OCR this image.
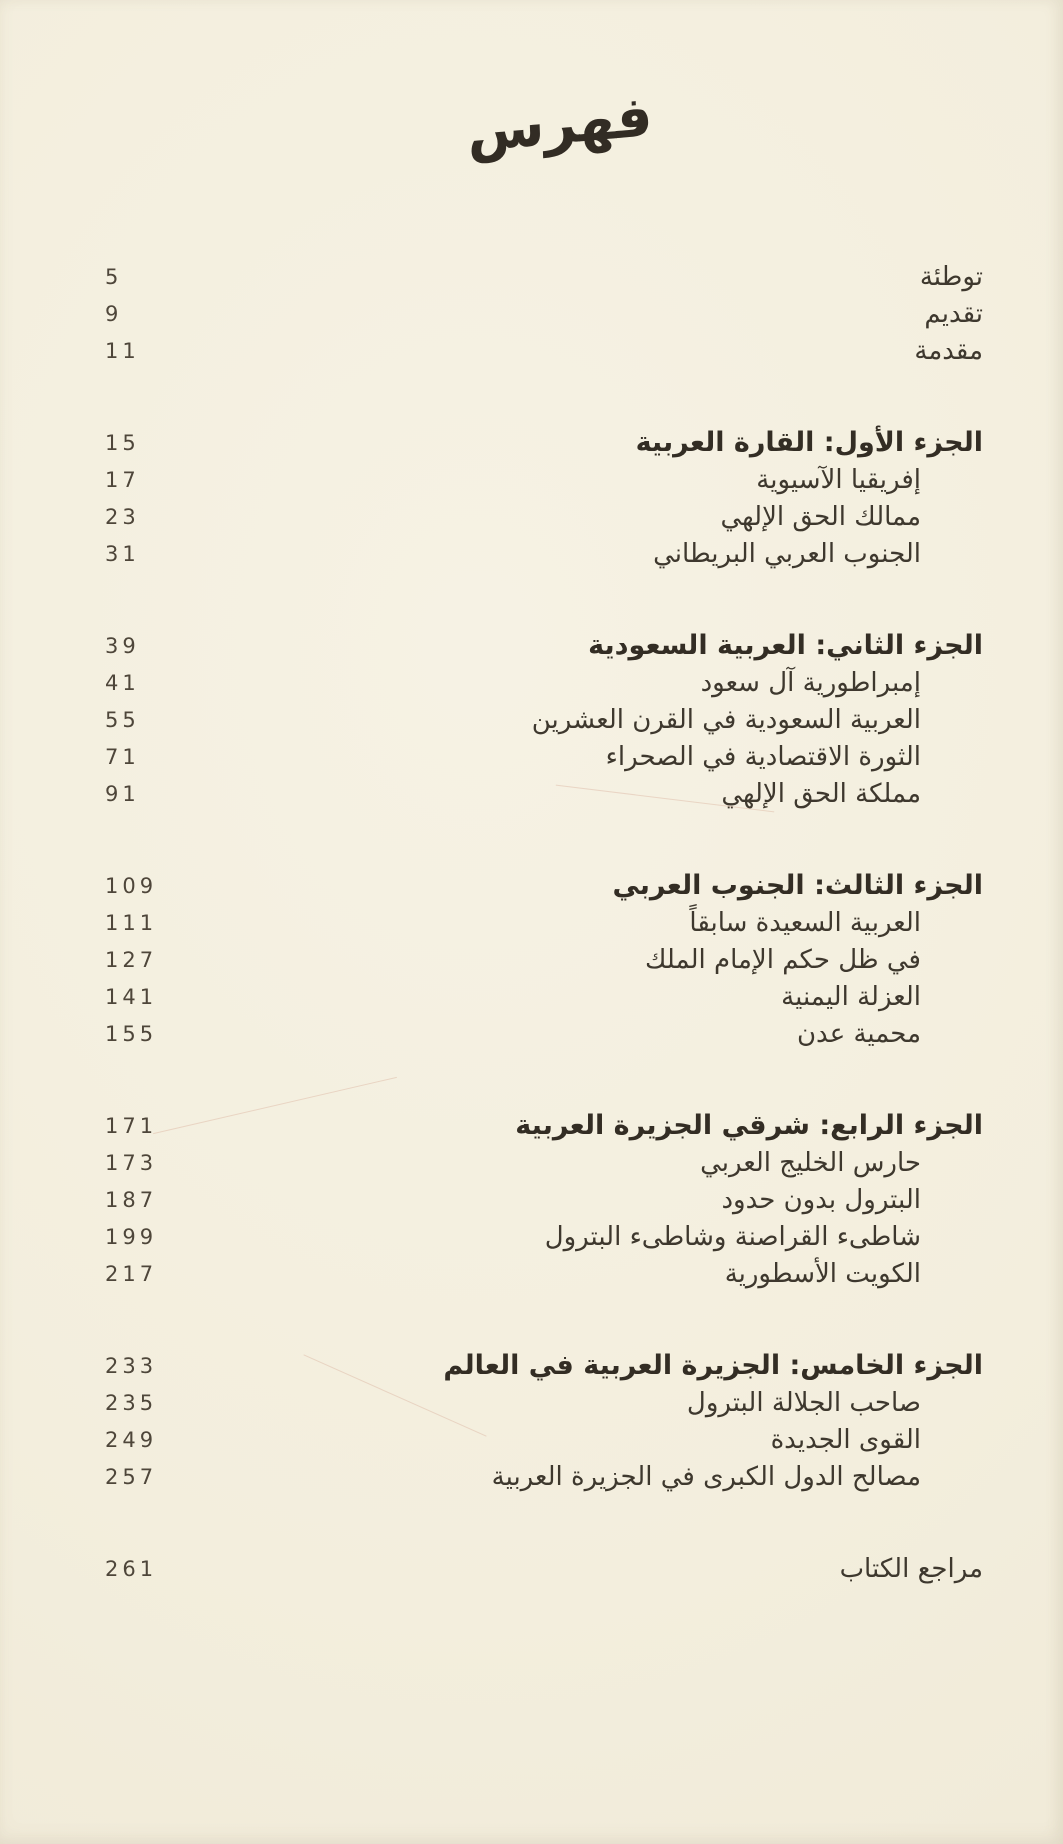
فهرس
5	توطئة
9	تقديم
11	مقدمة
15	الجزء الأول: القارة العربية
17	إفريقيا الآسيوية
23	ممالك الحق الإلهي
31	الجنوب العربي البريطاني
39	الجزء الثاني: العربية السعودية
41	إمبراطورية آل سعود
55	العربية السعودية في القرن العشرين
71	الثورة الاقتصادية في الصحراء
91	مملكة الحق الإلهي
109	الجزء الثالث: الجنوب العربي
111	العربية السعيدة سابقاً
127	في ظل حكم الإمام الملك
141	العزلة اليمنية
155	محمية عدن
171	الجزء الرابع: شرقي الجزيرة العربية
173	حارس الخليج العربي
187	البترول بدون حدود
199	شاطىء القراصنة وشاطىء البترول
217	الكويت الأسطورية
233	الجزء الخامس: الجزيرة العربية في العالم
235	صاحب الجلالة البترول
249	القوى الجديدة
257	مصالح الدول الكبرى في الجزيرة العربية
261	مراجع الكتاب
